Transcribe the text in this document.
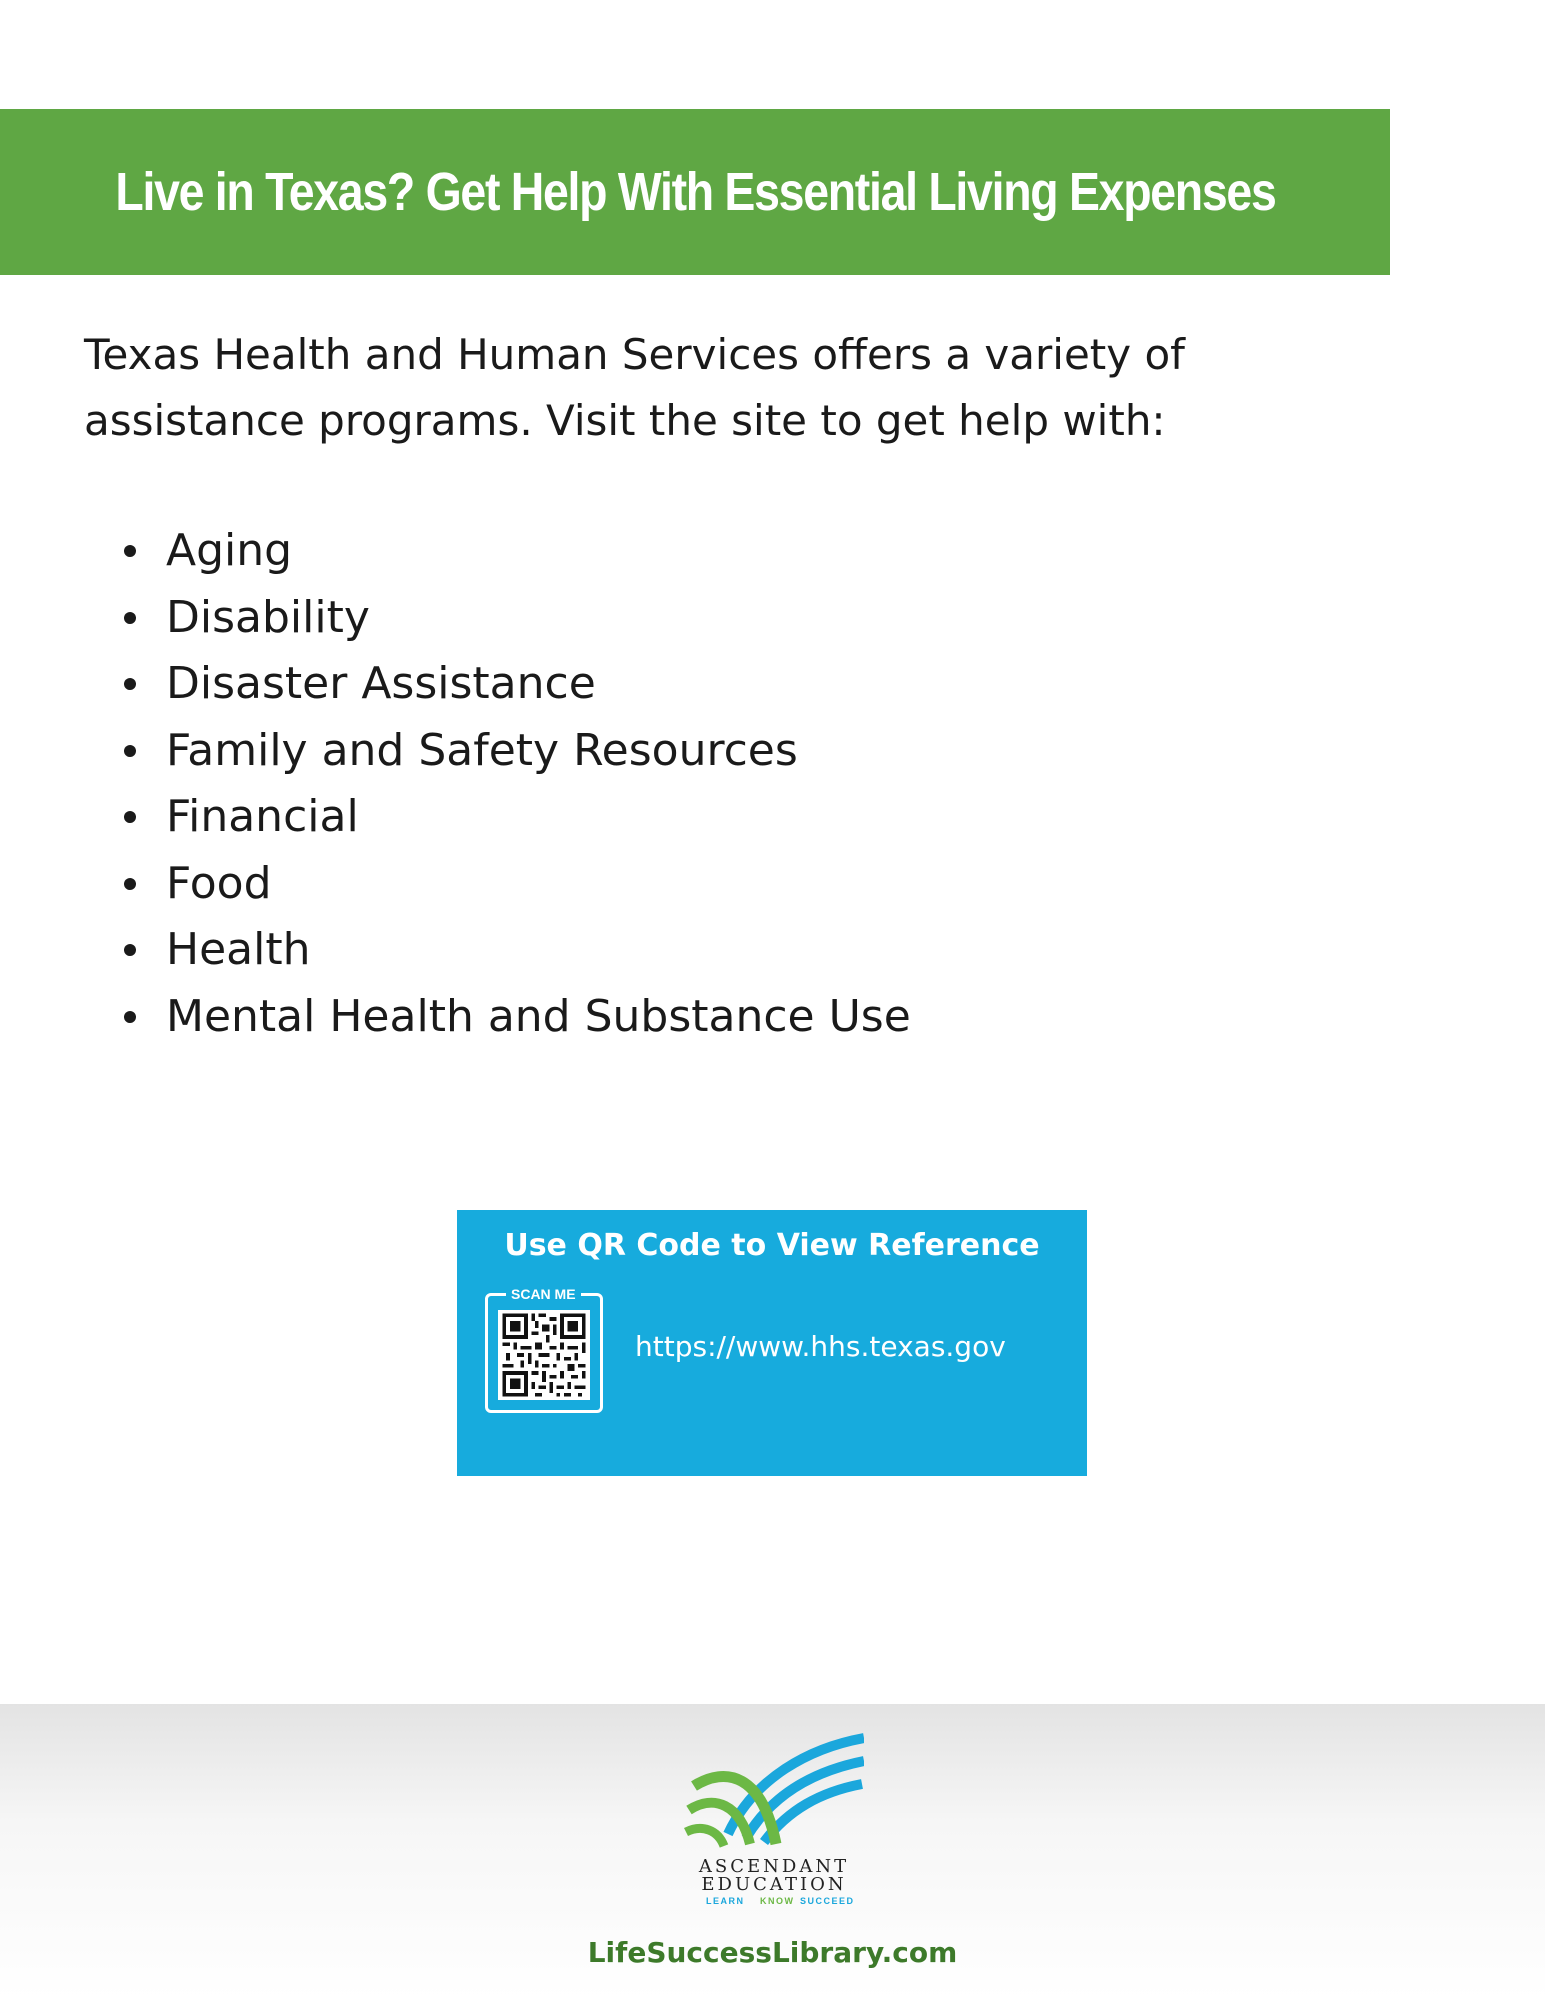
Live in Texas? Get Help With Essential Living Expenses

Texas Health and Human Services offers a variety of assistance programs. Visit the site to get help with:

Aging
Disability
Disaster Assistance
Family and Safety Resources
Financial
Food
Health
Mental Health and Substance Use
Use QR Code to View Reference
SCAN ME
https://www.hhs.texas.gov
ASCENDANT
EDUCATION
LEARN KNOW SUCCEED
LifeSuccessLibrary.com
